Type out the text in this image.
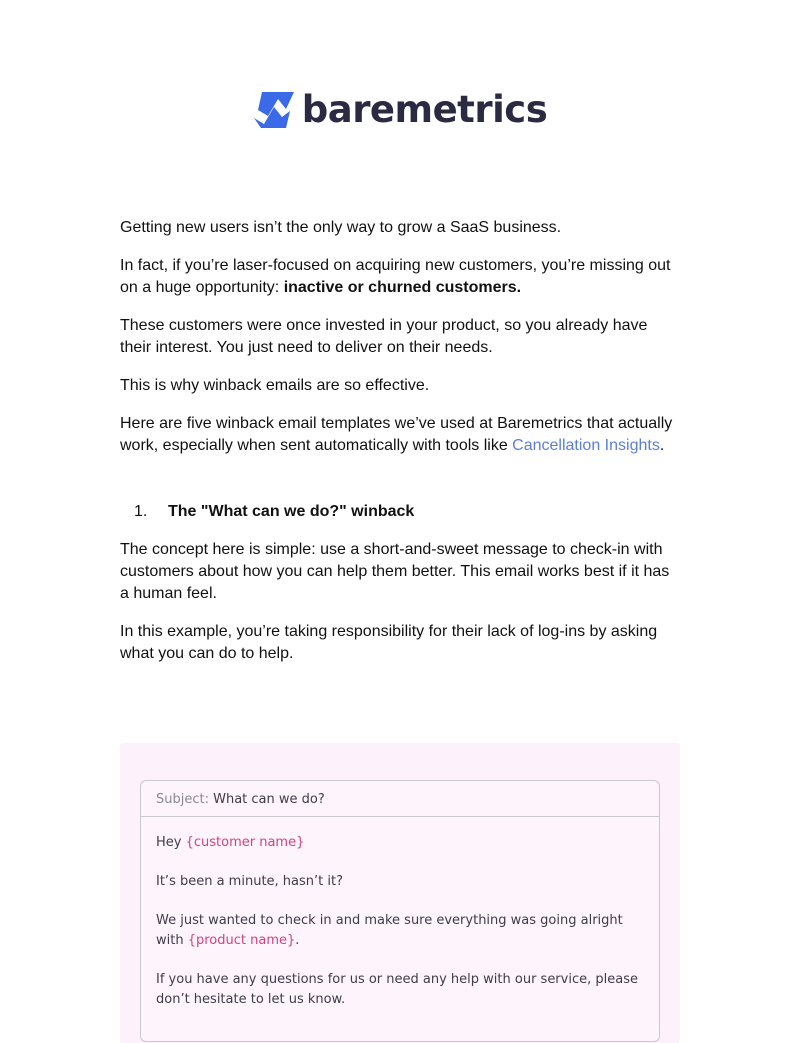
baremetrics

Getting new users isn’t the only way to grow a SaaS business.

In fact, if you’re laser-focused on acquiring new customers, you’re missing out on a huge opportunity: inactive or churned customers.

These customers were once invested in your product, so you already have their interest. You just need to deliver on their needs.

This is why winback emails are so effective.

Here are five winback email templates we’ve used at Baremetrics that actually work, especially when sent automatically with tools like Cancellation Insights.

1.	The "What can we do?" winback

The concept here is simple: use a short-and-sweet message to check-in with customers about how you can help them better. This email works best if it has a human feel.

In this example, you’re taking responsibility for their lack of log-ins by asking what you can do to help.

Subject: What can we do?

Hey {customer name}

It’s been a minute, hasn’t it?

We just wanted to check in and make sure everything was going alright with {product name}.

If you have any questions for us or need any help with our service, please don’t hesitate to let us know.
